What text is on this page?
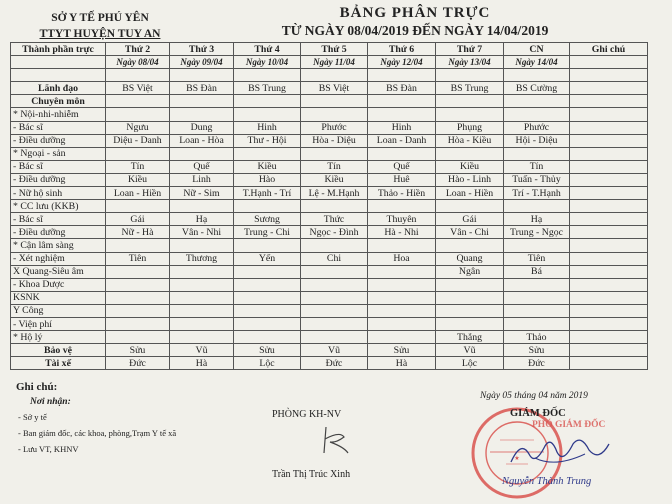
SỞ Y TẾ PHÚ YÊN
TTYT HUYỆN TUY AN
BẢNG PHÂN TRỰC
TỪ NGÀY 08/04/2019 ĐẾN NGÀY 14/04/2019
Thành phần trực	Thứ 2	Thứ 3	Thứ 4	Thứ 5	Thứ 6	Thứ 7	CN	Ghi chú
	Ngày 08/04	Ngày 09/04	Ngày 10/04	Ngày 11/04	Ngày 12/04	Ngày 13/04	Ngày 14/04	

Lãnh đạo	BS Việt	BS Đàn	BS Trung	BS Việt	BS Đàn	BS Trung	BS Cường	
Chuyên môn								
* Nội-nhi-nhiễm								
- Bác sĩ	Ngưu	Dung	Hinh	Phước	Hinh	Phụng	Phước	
- Điều dưỡng	Diệu - Danh	Loan - Hòa	Thư - Hội	Hòa - Diệu	Loan - Danh	Hòa - Kiều	Hội - Diệu	
* Ngoại - sản								
- Bác sĩ	Tín	Quế	Kiều	Tín	Quế	Kiều	Tín	
- Điều dưỡng	Kiều	Linh	Hào	Kiều	Huê	Hào - Linh	Tuấn - Thủy	
- Nữ hộ sinh	Loan - Hiền	Nữ - Sim	T.Hạnh - Trí	Lệ - M.Hạnh	Thảo - Hiền	Loan - Hiền	Trí - T.Hạnh	
* CC lưu (KKB)								
- Bác sĩ	Gái	Hạ	Sương	Thức	Thuyên	Gái	Hạ	
- Điều dưỡng	Nữ - Hà	Vân - Nhi	Trung - Chi	Ngọc - Đình	Hà - Nhi	Vân - Chi	Trung - Ngọc	
* Cận lâm sàng								
- Xét nghiệm	Tiên	Thương	Yến	Chi	Hoa	Quang	Tiên	
X Quang-Siêu âm						Ngân	Bá	
- Khoa Dược								
KSNK								
Y Công								
- Viện phí								
* Hộ lý						Thắng	Thảo	
Bảo vệ	Sửu	Vũ	Sửu	Vũ	Sửu	Vũ	Sửu	
Tài xế	Đức	Hà	Lộc	Đức	Hà	Lộc	Đức	
Ghi chú:
Nơi nhận:
- Sở y tế
- Ban giám đốc, các khoa, phòng,Trạm Y tế xã
- Lưu VT, KHNV
PHÒNG KH-NV
Trần Thị Trúc Xinh
Ngày 05 tháng 04 năm 2019
★
GIÁM ĐỐC
PHÓ GIÁM ĐỐC
Nguyễn Thành Trung
